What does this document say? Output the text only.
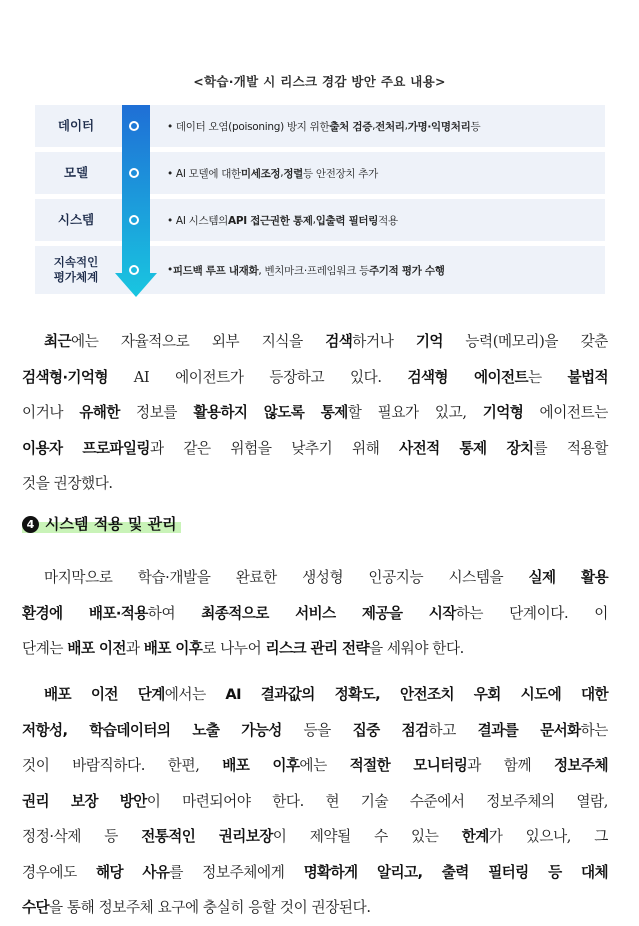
<학습·개발 시 리스크 경감 방안 주요 내용>
데이터	• 데이터 오염(poisoning) 방지 위한 출처 검증 , 전처리 , 가명·익명처리 등
모델	• AI 모델에 대한 미세조정 , 정렬 등 안전장치 추가
시스템	• AI 시스템의 API 접근권한 통제 , 입출력 필터링 적용
지속적인
평가체계	• 피드백 루프 내재화 , 벤치마크·프레임워크 등 주기적 평가 수행
최근에는 자율적으로 외부 지식을 검색하거나 기억 능력(메모리)을 갖춘
검색형·기억형 AI 에이전트가 등장하고 있다. 검색형 에이전트는 불법적
이거나 유해한 정보를 활용하지 않도록 통제할 필요가 있고, 기억형 에이전트는
이용자 프로파일링과 같은 위험을 낮추기 위해 사전적 통제 장치를 적용할
것을 권장했다.
4 시스템 적용 및 관리
마지막으로 학습·개발을 완료한 생성형 인공지능 시스템을 실제 활용
환경에 배포·적용하여 최종적으로 서비스 제공을 시작하는 단계이다. 이
단계는 배포 이전과 배포 이후로 나누어 리스크 관리 전략을 세워야 한다.
배포 이전 단계에서는 AI 결과값의 정확도, 안전조치 우회 시도에 대한
저항성, 학습데이터의 노출 가능성 등을 집중 점검하고 결과를 문서화하는
것이 바람직하다. 한편, 배포 이후에는 적절한 모니터링과 함께 정보주체
권리 보장 방안이 마련되어야 한다. 현 기술 수준에서 정보주체의 열람,
정정·삭제 등 전통적인 권리보장이 제약될 수 있는 한계가 있으나, 그
경우에도 해당 사유를 정보주체에게 명확하게 알리고, 출력 필터링 등 대체
수단을 통해 정보주체 요구에 충실히 응할 것이 권장된다.
